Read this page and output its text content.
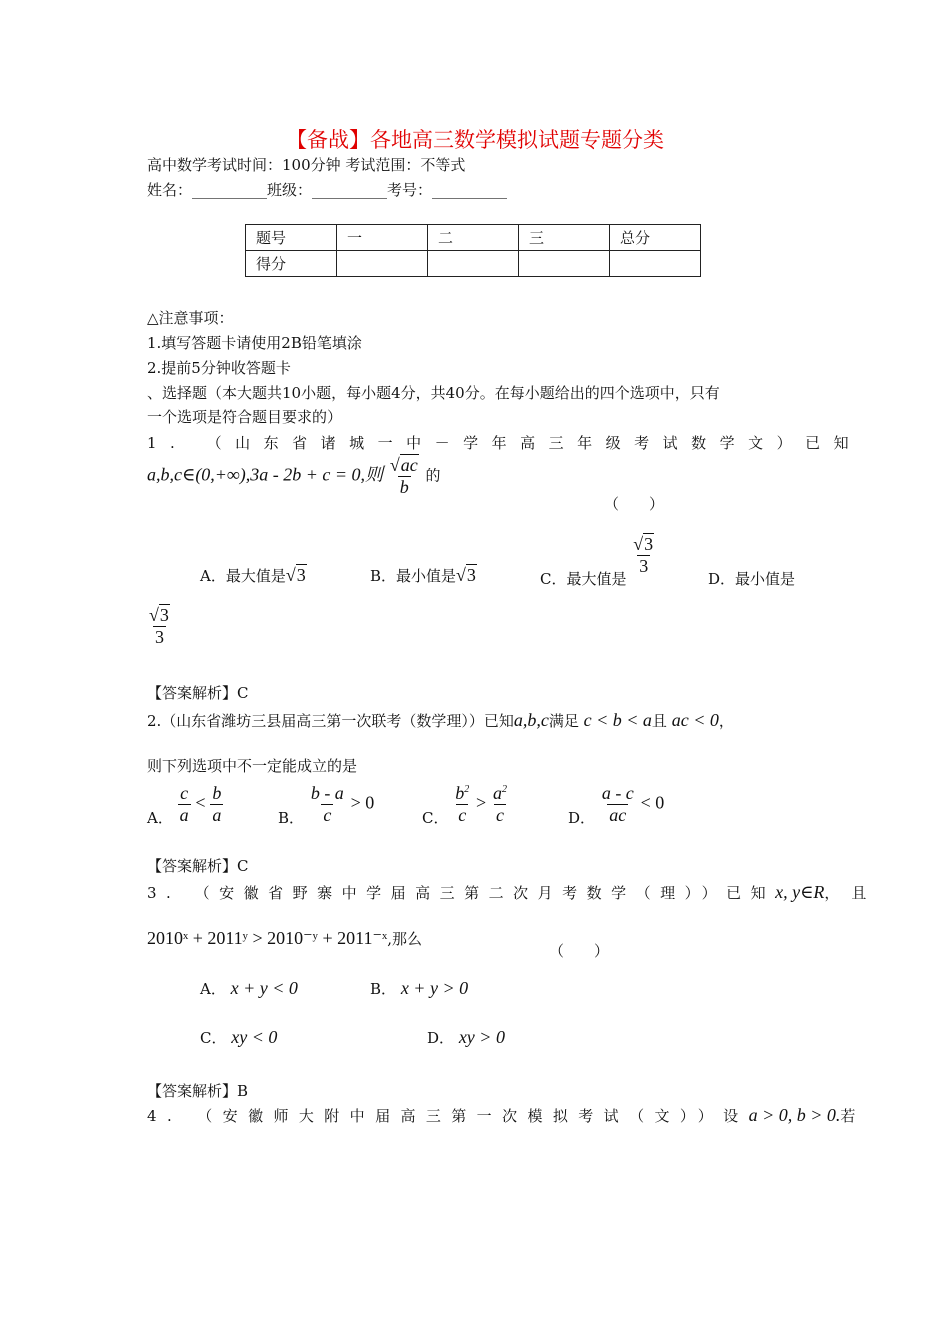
【备战】各地高三数学模拟试题专题分类
高中数学考试时间：100分钟 考试范围：不等式
姓名：__________班级：__________考号：__________
题号	一	二	三	总分
得分				
△注意事项：
1.填写答题卡请使用2B铅笔填涂
2.提前5分钟收答题卡
、选择题（本大题共10小题，每小题4分，共40分。在每小题给出的四个选项中，只有
一个选项是符合题目要求的）
1. （山东省诸城一中－学年高三年级考试数学文）已知
a,b,c∈(0,+∞),3a - 2b + c = 0,则 $\frac{√ac}{b}$ 的
（　　）
A．最大值是√3	B．最小值是√3	C．最大值是
$\frac{√3}{3}$
D．最小值是
$\frac{√3}{3}$
【答案解析】C
2.（山东省潍坊三县届高三第一次联考（数学理））已知a,b,c满足 c < b < a且 ac < 0，
则下列选项中不一定能成立的是
A． $\frac{c}{a} < \frac{b}{a}$	B． $\frac{b - a}{c} > 0$
C． $\frac{b^2}{c} > \frac{a^2}{c}$	D． $\frac{a - c}{ac} < 0$
【答案解析】C
3. （安徽省野寨中学届高三第二次月考数学（理））已知x, y∈R，且
2010ˣ + 2011ʸ > 2010⁻ʸ + 2011⁻ˣ,那么
（　　）
A． x + y < 0	B． x + y > 0
C． xy < 0	D． xy > 0
【答案解析】B
4. （安徽师大附中届高三第一次模拟考试（文））设a > 0, b > 0.若
